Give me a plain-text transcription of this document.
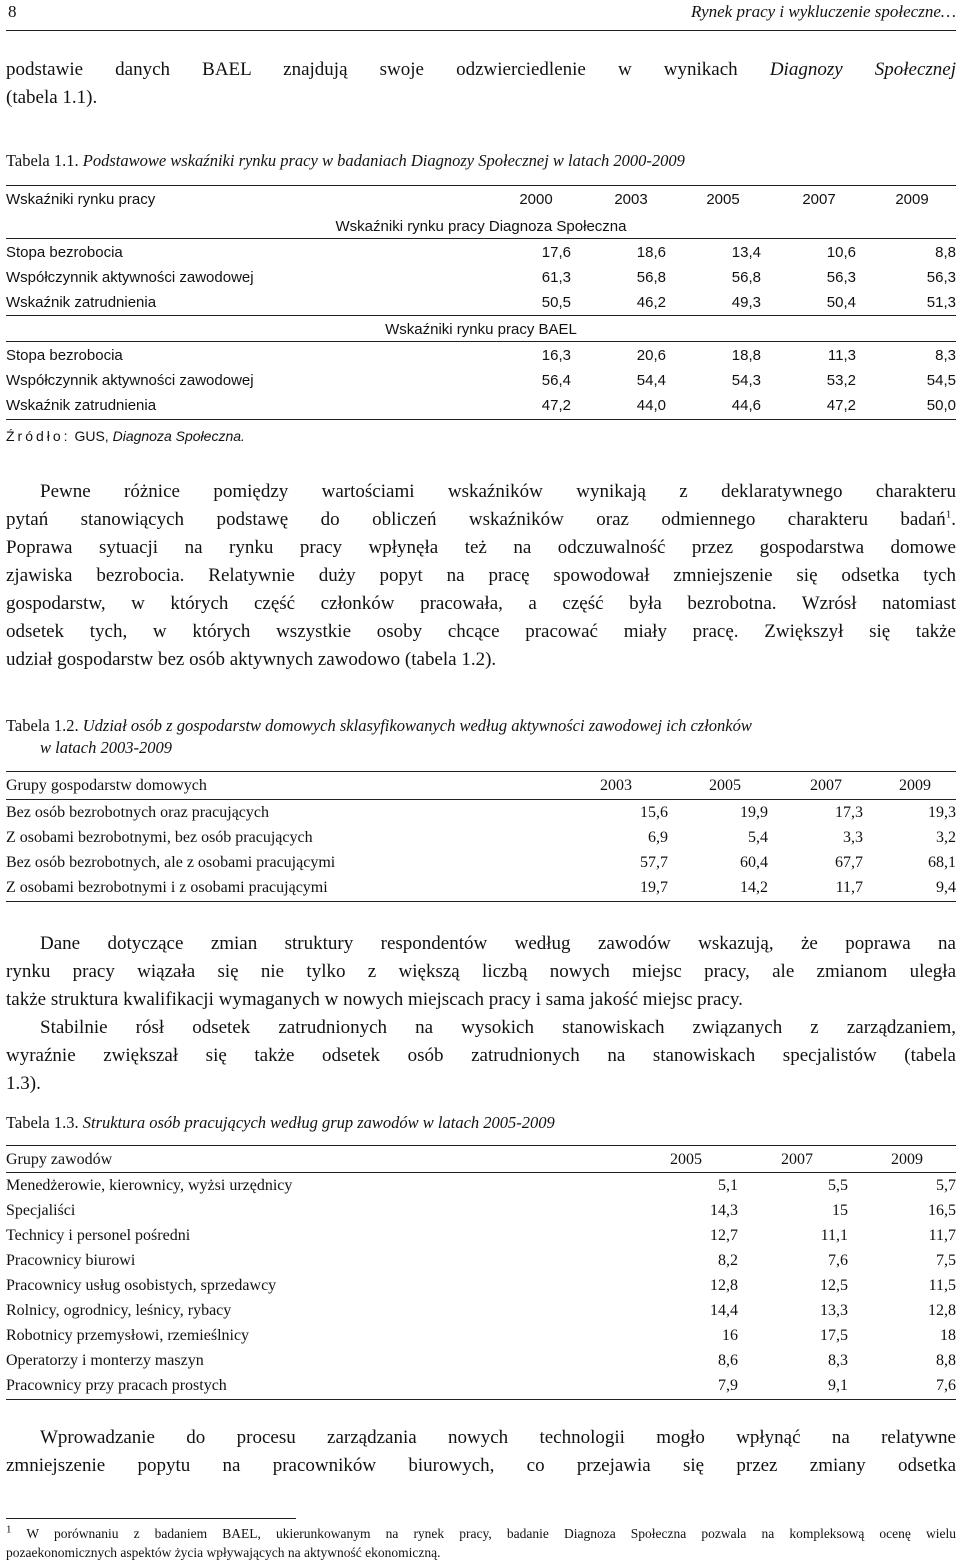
8	Rynek pracy i wykluczenie społeczne…
podstawie danych BAEL znajdują swoje odzwierciedlenie w wynikach Diagnozy Społecznej
(tabela 1.1).
Tabela 1.1. Podstawowe wskaźniki rynku pracy w badaniach Diagnozy Społecznej w latach 2000-2009
Wskaźniki rynku pracy	2000	2003	2005	2007	2009
Wskaźniki rynku pracy Diagnoza Społeczna
Stopa bezrobocia	17,6	18,6	13,4	10,6	8,8
Współczynnik aktywności zawodowej	61,3	56,8	56,8	56,3	56,3
Wskaźnik zatrudnienia	50,5	46,2	49,3	50,4	51,3
Wskaźniki rynku pracy BAEL
Stopa bezrobocia	16,3	20,6	18,8	11,3	8,3
Współczynnik aktywności zawodowej	56,4	54,4	54,3	53,2	54,5
Wskaźnik zatrudnienia	47,2	44,0	44,6	47,2	50,0
Źródło: GUS, Diagnoza Społeczna.
Pewne różnice pomiędzy wartościami wskaźników wynikają z deklaratywnego charakteru
pytań stanowiących podstawę do obliczeń wskaźników oraz odmiennego charakteru badań$^1$.
Poprawa sytuacji na rynku pracy wpłynęła też na odczuwalność przez gospodarstwa domowe
zjawiska bezrobocia. Relatywnie duży popyt na pracę spowodował zmniejszenie się odsetka tych
gospodarstw, w których część członków pracowała, a część była bezrobotna. Wzrósł natomiast
odsetek tych, w których wszystkie osoby chcące pracować miały pracę. Zwiększył się także
udział gospodarstw bez osób aktywnych zawodowo (tabela 1.2).
Tabela 1.2. Udział osób z gospodarstw domowych sklasyfikowanych według aktywności zawodowej ich członków
w latach 2003-2009
Grupy gospodarstw domowych	2003	2005	2007	2009
Bez osób bezrobotnych oraz pracujących	15,6	19,9	17,3	19,3
Z osobami bezrobotnymi, bez osób pracujących	6,9	5,4	3,3	3,2
Bez osób bezrobotnych, ale z osobami pracującymi	57,7	60,4	67,7	68,1
Z osobami bezrobotnymi i z osobami pracującymi	19,7	14,2	11,7	9,4
Dane dotyczące zmian struktury respondentów według zawodów wskazują, że poprawa na
rynku pracy wiązała się nie tylko z większą liczbą nowych miejsc pracy, ale zmianom uległa
także struktura kwalifikacji wymaganych w nowych miejscach pracy i sama jakość miejsc pracy.
Stabilnie rósł odsetek zatrudnionych na wysokich stanowiskach związanych z zarządzaniem,
wyraźnie zwiększał się także odsetek osób zatrudnionych na stanowiskach specjalistów (tabela
1.3).
Tabela 1.3. Struktura osób pracujących według grup zawodów w latach 2005-2009
Grupy zawodów	2005	2007	2009
Menedżerowie, kierownicy, wyżsi urzędnicy	5,1	5,5	5,7
Specjaliści	14,3	15	16,5
Technicy i personel pośredni	12,7	11,1	11,7
Pracownicy biurowi	8,2	7,6	7,5
Pracownicy usług osobistych, sprzedawcy	12,8	12,5	11,5
Rolnicy, ogrodnicy, leśnicy, rybacy	14,4	13,3	12,8
Robotnicy przemysłowi, rzemieślnicy	16	17,5	18
Operatorzy i monterzy maszyn	8,6	8,3	8,8
Pracownicy przy pracach prostych	7,9	9,1	7,6
Wprowadzanie do procesu zarządzania nowych technologii mogło wpłynąć na relatywne
zmniejszenie popytu na pracowników biurowych, co przejawia się przez zmiany odsetka
$^1$ W porównaniu z badaniem BAEL, ukierunkowanym na rynek pracy, badanie Diagnoza Społeczna pozwala na kompleksową ocenę wielu
pozaekonomicznych aspektów życia wpływających na aktywność ekonomiczną.
